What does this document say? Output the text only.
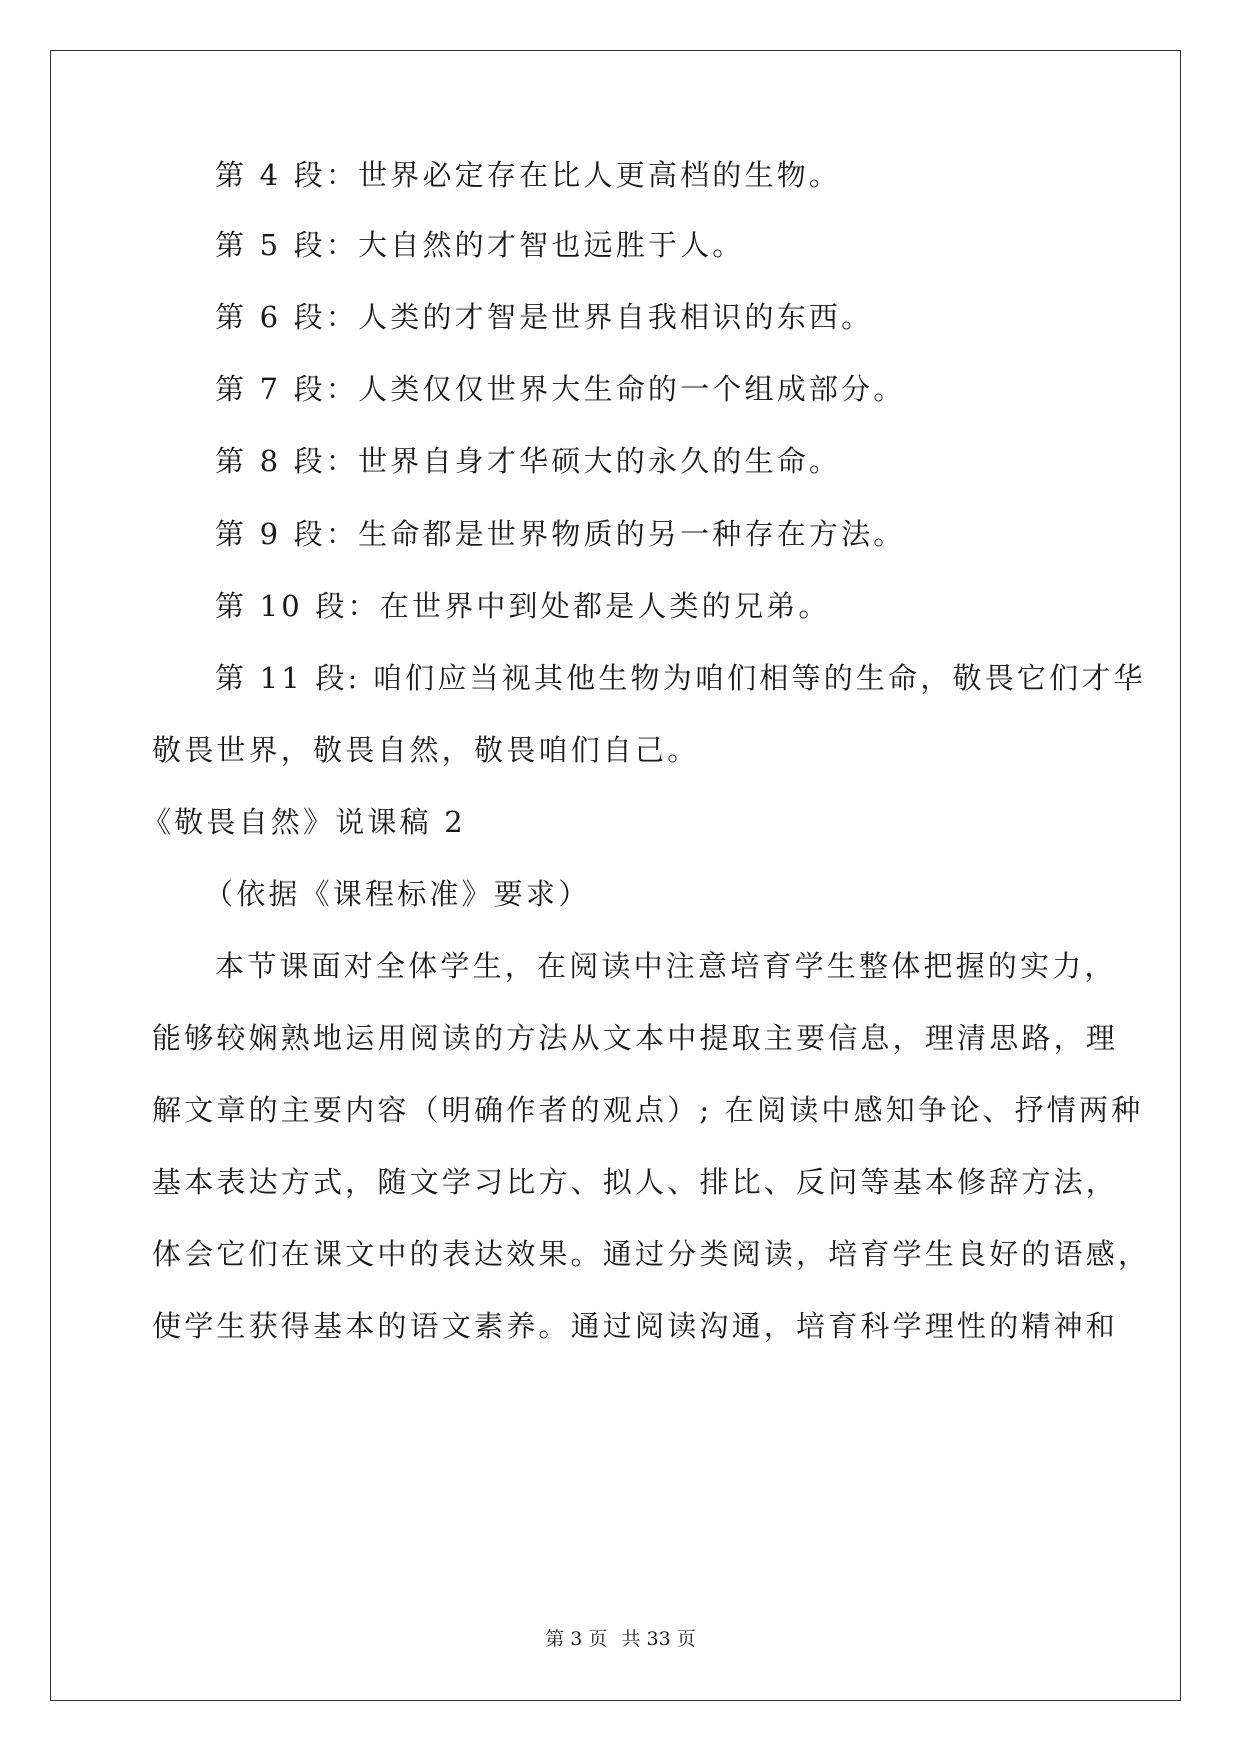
第 4 段：世界必定存在比人更高档的生物。
第 5 段：大自然的才智也远胜于人。
第 6 段：人类的才智是世界自我相识的东西。
第 7 段：人类仅仅世界大生命的一个组成部分。
第 8 段：世界自身才华硕大的永久的生命。
第 9 段：生命都是世界物质的另一种存在方法。
第 10 段：在世界中到处都是人类的兄弟。
第 11 段: 咱们应当视其他生物为咱们相等的生命，敬畏它们才华
敬畏世界，敬畏自然，敬畏咱们自己。
《敬畏自然》说课稿 2
（依据《课程标准》要求）
本节课面对全体学生，在阅读中注意培育学生整体把握的实力，
能够较娴熟地运用阅读的方法从文本中提取主要信息，理清思路，理
解文章的主要内容（明确作者的观点）; 在阅读中感知争论、抒情两种
基本表达方式，随文学习比方、拟人、排比、反问等基本修辞方法，
体会它们在课文中的表达效果。通过分类阅读，培育学生良好的语感，
使学生获得基本的语文素养。通过阅读沟通，培育科学理性的精神和
第 3 页 共 33 页
